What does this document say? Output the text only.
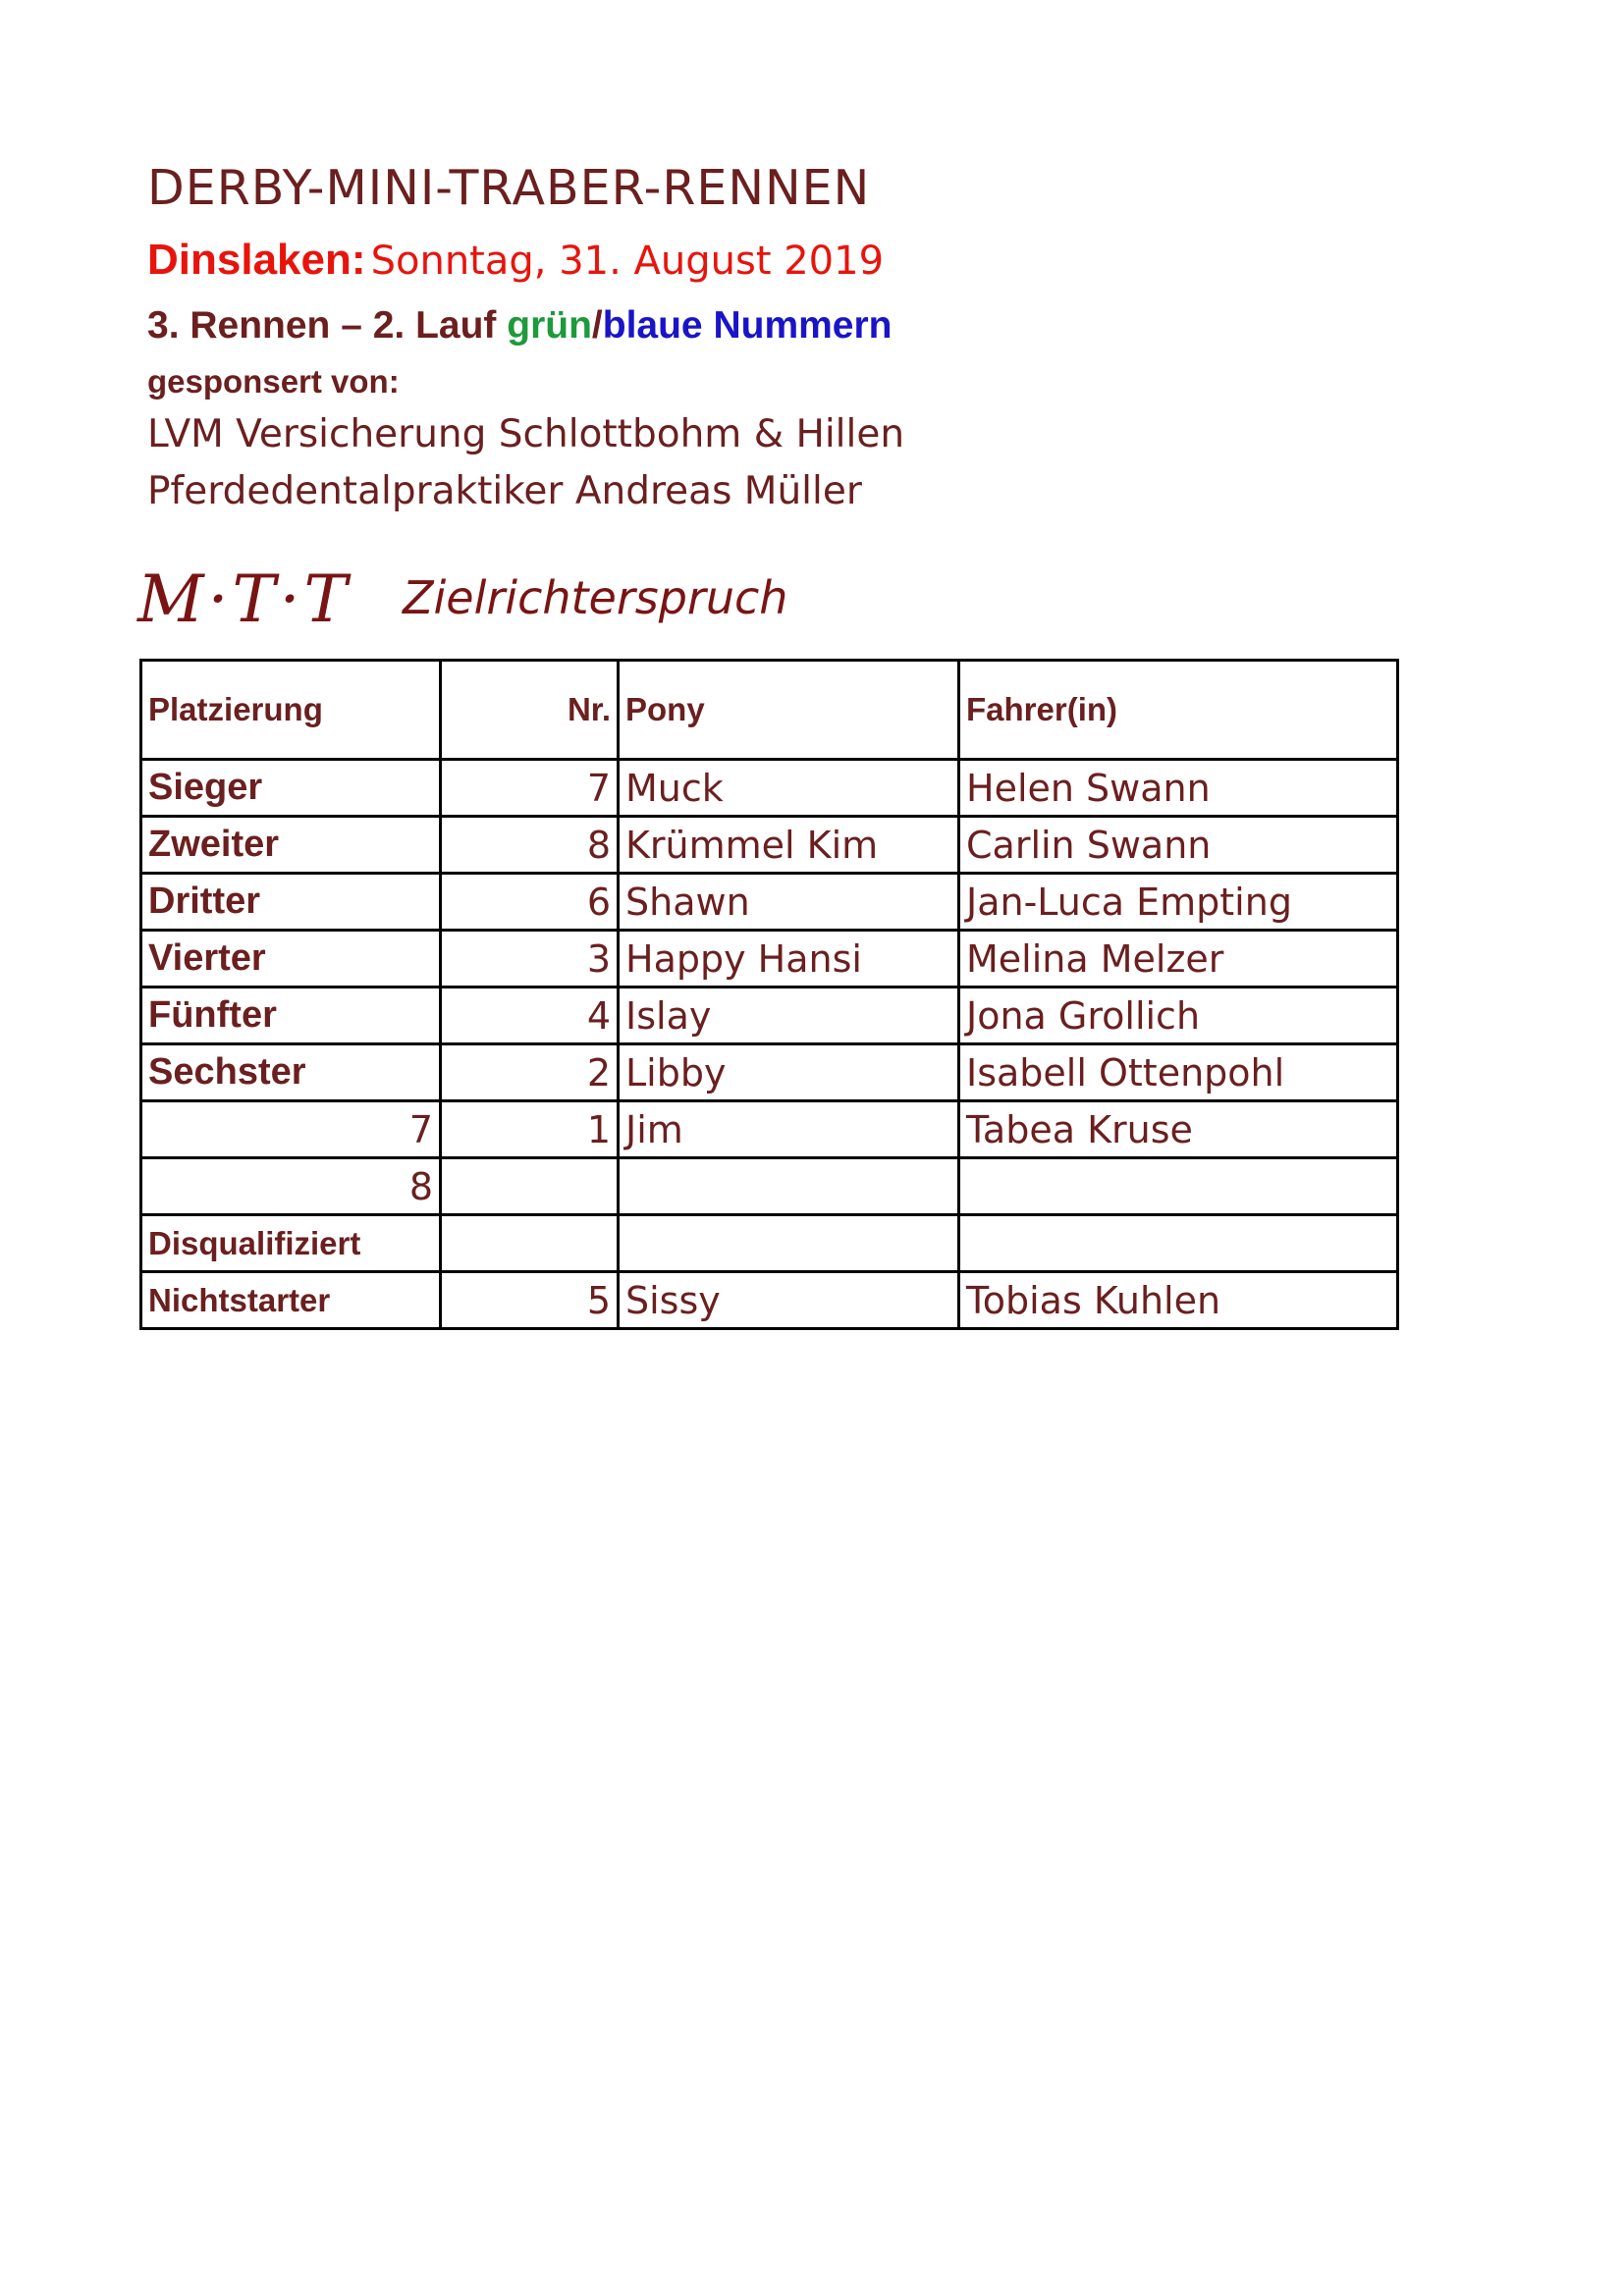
DERBY-MINI-TRABER-RENNEN
Dinslaken: Sonntag, 31. August 2019
3. Rennen – 2. Lauf grün/blaue Nummern
gesponsert von:
LVM Versicherung Schlottbohm & Hillen
Pferdedentalpraktiker Andreas Müller
M·T·T Zielrichterspruch
Platzierung	Nr.	Pony	Fahrer(in)
Sieger	7	Muck	Helen Swann
Zweiter	8	Krümmel Kim	Carlin Swann
Dritter	6	Shawn	Jan-Luca Empting
Vierter	3	Happy Hansi	Melina Melzer
Fünfter	4	Islay	Jona Grollich
Sechster	2	Libby	Isabell Ottenpohl
7	1	Jim	Tabea Kruse
8			
Disqualifiziert			
Nichtstarter	5	Sissy	Tobias Kuhlen
